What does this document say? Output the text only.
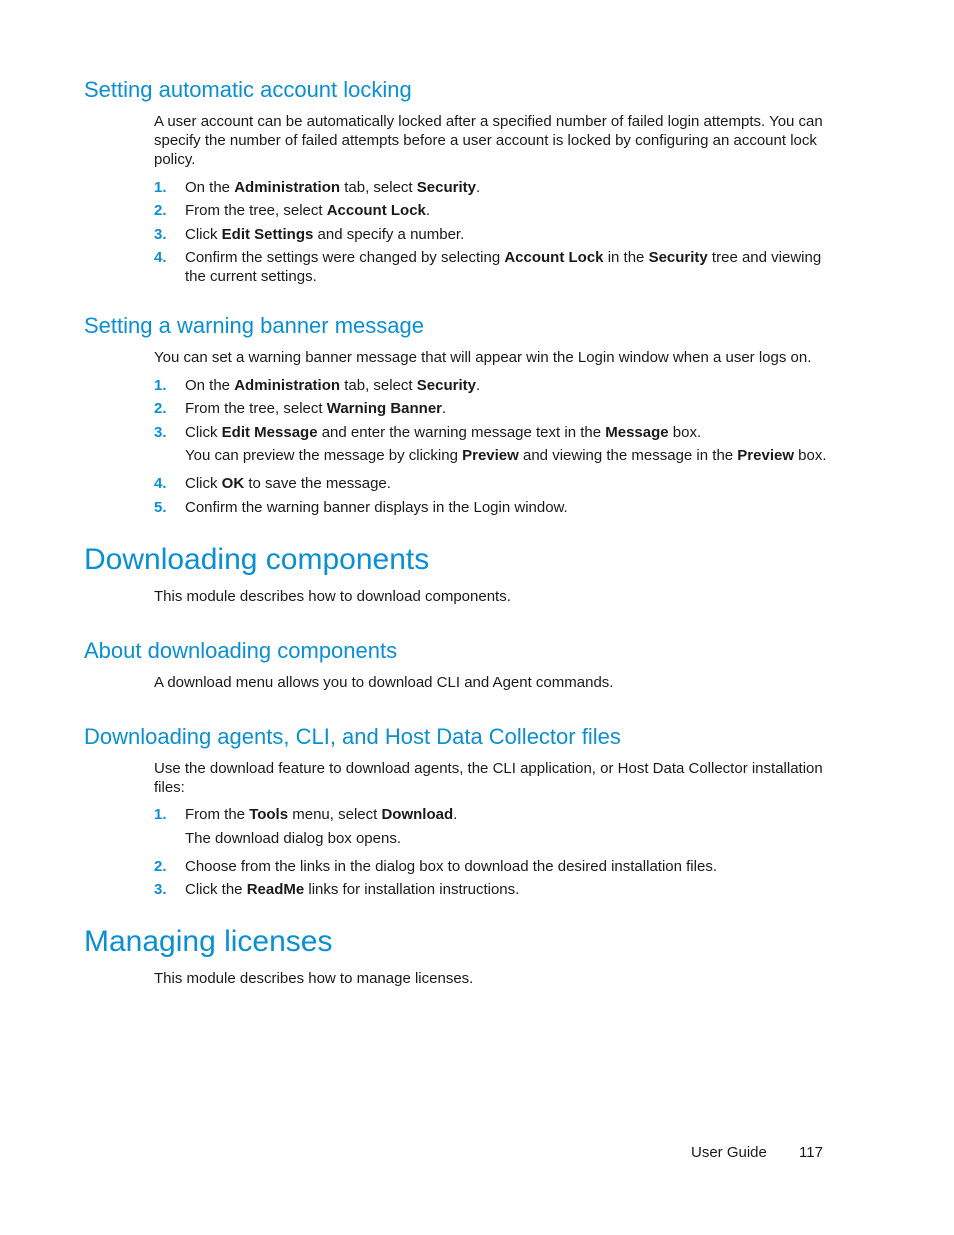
Setting automatic account locking

A user account can be automatically locked after a specified number of failed login attempts. You can specify the number of failed attempts before a user account is locked by configuring an account lock policy.

1. On the Administration tab, select Security.
2. From the tree, select Account Lock.
3. Click Edit Settings and specify a number.
4. Confirm the settings were changed by selecting Account Lock in the Security tree and viewing the current settings.
Setting a warning banner message

You can set a warning banner message that will appear win the Login window when a user logs on.

1. On the Administration tab, select Security.
2. From the tree, select Warning Banner.
3. Click Edit Message and enter the warning message text in the Message box.
You can preview the message by clicking Preview and viewing the message in the Preview box.
4. Click OK to save the message.
5. Confirm the warning banner displays in the Login window.
Downloading components

This module describes how to download components.

About downloading components

A download menu allows you to download CLI and Agent commands.

Downloading agents, CLI, and Host Data Collector files

Use the download feature to download agents, the CLI application, or Host Data Collector installation files:

1. From the Tools menu, select Download.
The download dialog box opens.
2. Choose from the links in the dialog box to download the desired installation files.
3. Click the ReadMe links for installation instructions.
Managing licenses

This module describes how to manage licenses.

User Guide 117
